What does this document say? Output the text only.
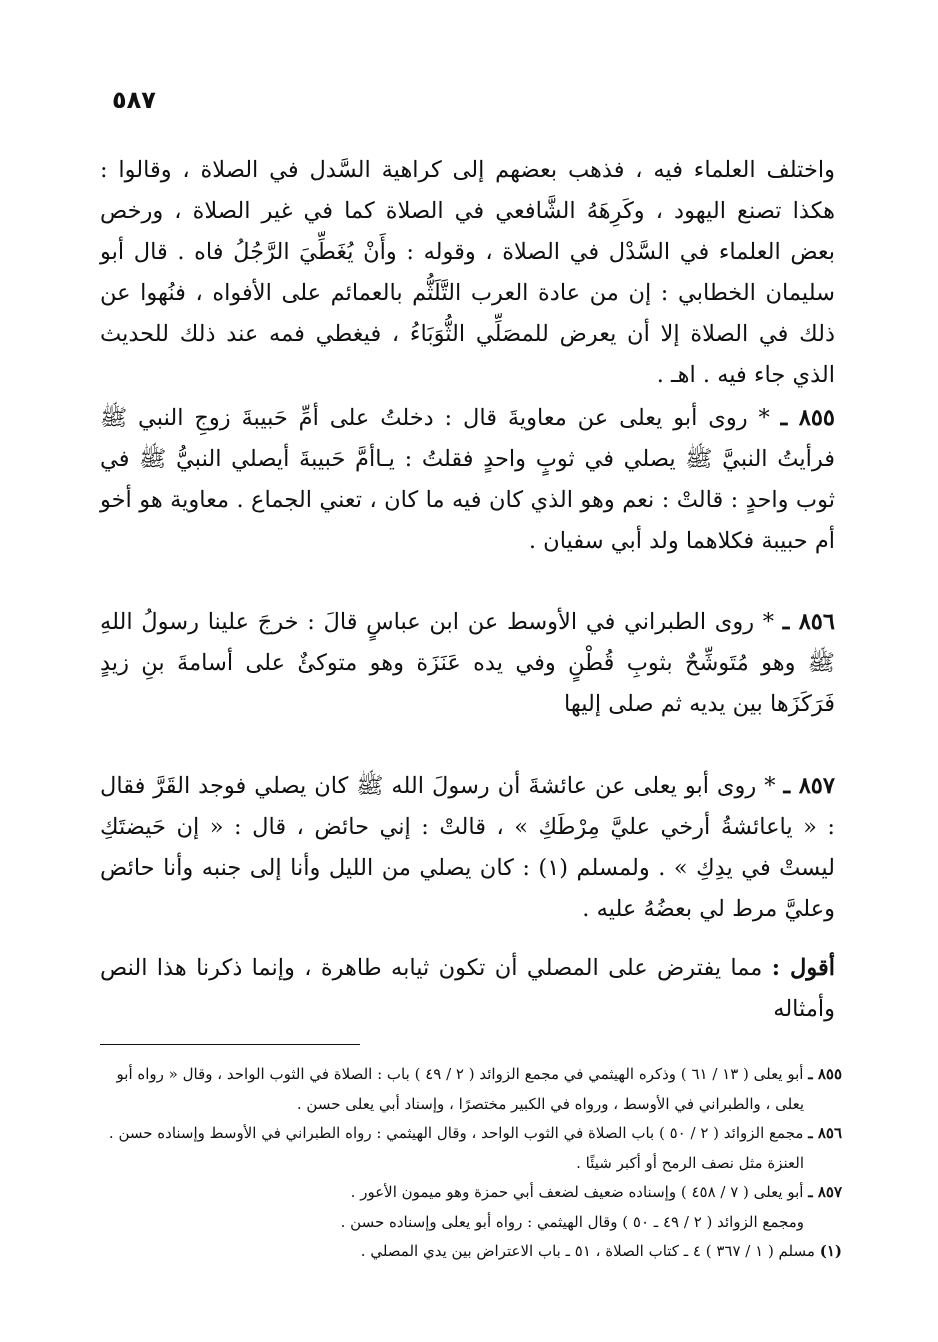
٥٨٧

واختلف العلماء فيه ، فذهب بعضهم إلى كراهية السَّدل في الصلاة ، وقالوا : هكذا تصنع اليهود ، وكَرِهَهُ الشَّافعي في الصلاة كما في غير الصلاة ، ورخص بعض العلماء في السَّدْل في الصلاة ، وقوله : وأَنْ يُغَطِّيَ الرَّجُلُ فاه . قال أبو سليمان الخطابي : إن من عادة العرب التَّلَثُّم بالعمائم على الأفواه ، فنُهوا عن ذلك في الصلاة إلا أن يعرض للمصَلِّي الثُّوَبَاءُ ، فيغطي فمه عند ذلك للحديث الذي جاء فيه . اهـ .

٨٥٥ ـ * روى أبو يعلى عن معاويةَ قال : دخلتُ على أمِّ حَبيبةَ زوجِ النبي ﷺ فرأيتُ النبيَّ ﷺ يصلي في ثوبٍ واحدٍ فقلتُ : يـاأمَّ حَبيبةَ أيصلي النبيُّ ﷺ في ثوب واحدٍ : قالتْ : نعم وهو الذي كان فيه ما كان ، تعني الجماع . معاوية هو أخو أم حبيبة فكلاهما ولد أبي سفيان .

٨٥٦ ـ * روى الطبراني في الأوسط عن ابن عباسٍ قالَ : خرجَ علينا رسولُ اللهِ ﷺ وهو مُتَوشِّحٌ بثوبِ قُطْنٍ وفي يده عَنَزَة وهو متوكئٌ على أسامةَ بنِ زيدٍ فَرَكَزَها بين يديه ثم صلى إليها

٨٥٧ ـ * روى أبو يعلى عن عائشةَ أن رسولَ الله ﷺ كان يصلي فوجد القَرَّ فقال : « ياعائشةُ أرخي عليَّ مِرْطَكِ » ، قالتْ : إني حائض ، قال : « إن حَيضتَكِ ليستْ في يدِكِ » . ولمسلم (١) : كان يصلي من الليل وأنا إلى جنبه وأنا حائض وعليَّ مرط لي بعضُهُ عليه .

أقول : مما يفترض على المصلي أن تكون ثيابه طاهرة ، وإنما ذكرنا هذا النص وأمثاله

٨٥٥ ـ أبو يعلى ( ١٣ / ٦١ ) وذكره الهيثمي في مجمع الزوائد ( ٢ / ٤٩ ) باب : الصلاة في الثوب الواحد ، وقال « رواه أبو
يعلى ، والطبراني في الأوسط ، ورواه في الكبير مختصرًا ، وإسناد أبي يعلى حسن .
٨٥٦ ـ مجمع الزوائد ( ٢ / ٥٠ ) باب الصلاة في الثوب الواحد ، وقال الهيثمي : رواه الطبراني في الأوسط وإسناده حسن .
العنزة مثل نصف الرمح أو أكبر شيئًا .
٨٥٧ ـ أبو يعلى ( ٧ / ٤٥٨ ) وإسناده ضعيف لضعف أبي حمزة وهو ميمون الأعور .
ومجمع الزوائد ( ٢ / ٤٩ ـ ٥٠ ) وقال الهيثمي : رواه أبو يعلى وإسناده حسن .
(١) مسلم ( ١ / ٣٦٧ ) ٤ ـ كتاب الصلاة ، ٥١ ـ باب الاعتراض بين يدي المصلي .
